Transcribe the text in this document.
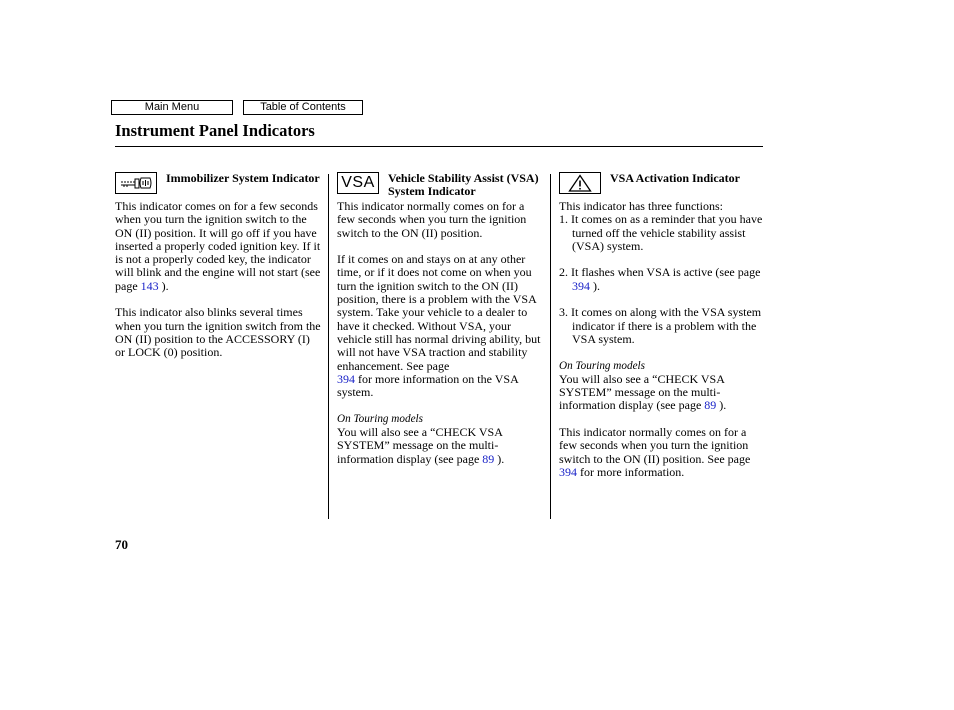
Main Menu	Table of Contents
Instrument Panel Indicators
Immobilizer System Indicator

This indicator comes on for a few seconds when you turn the ignition switch to the ON (II) position. It will go off if you have inserted a properly coded ignition key. If it is not a properly coded key, the indicator will blink and the engine will not start (see page 143 ).

This indicator also blinks several times when you turn the ignition switch from the ON (II) position to the ACCESSORY (I) or LOCK (0) position.

VSA Vehicle Stability Assist (VSA) System Indicator

This indicator normally comes on for a few seconds when you turn the ignition switch to the ON (II) position.

If it comes on and stays on at any other time, or if it does not come on when you turn the ignition switch to the ON (II) position, there is a problem with the VSA system. Take your vehicle to a dealer to have it checked. Without VSA, your vehicle still has normal driving ability, but will not have VSA traction and stability enhancement. See page
394 for more information on the VSA system.

On Touring models

You will also see a “CHECK VSA SYSTEM” message on the multi-information display (see page 89 ).

VSA Activation Indicator

This indicator has three functions:

1. It comes on as a reminder that you have turned off the vehicle stability assist (VSA) system.

2. It flashes when VSA is active (see page 394 ).

3. It comes on along with the VSA system indicator if there is a problem with the VSA system.

On Touring models

You will also see a “CHECK VSA SYSTEM” message on the multi-information display (see page 89 ).

This indicator normally comes on for a few seconds when you turn the ignition switch to the ON (II) position. See page 394 for more information.

70
